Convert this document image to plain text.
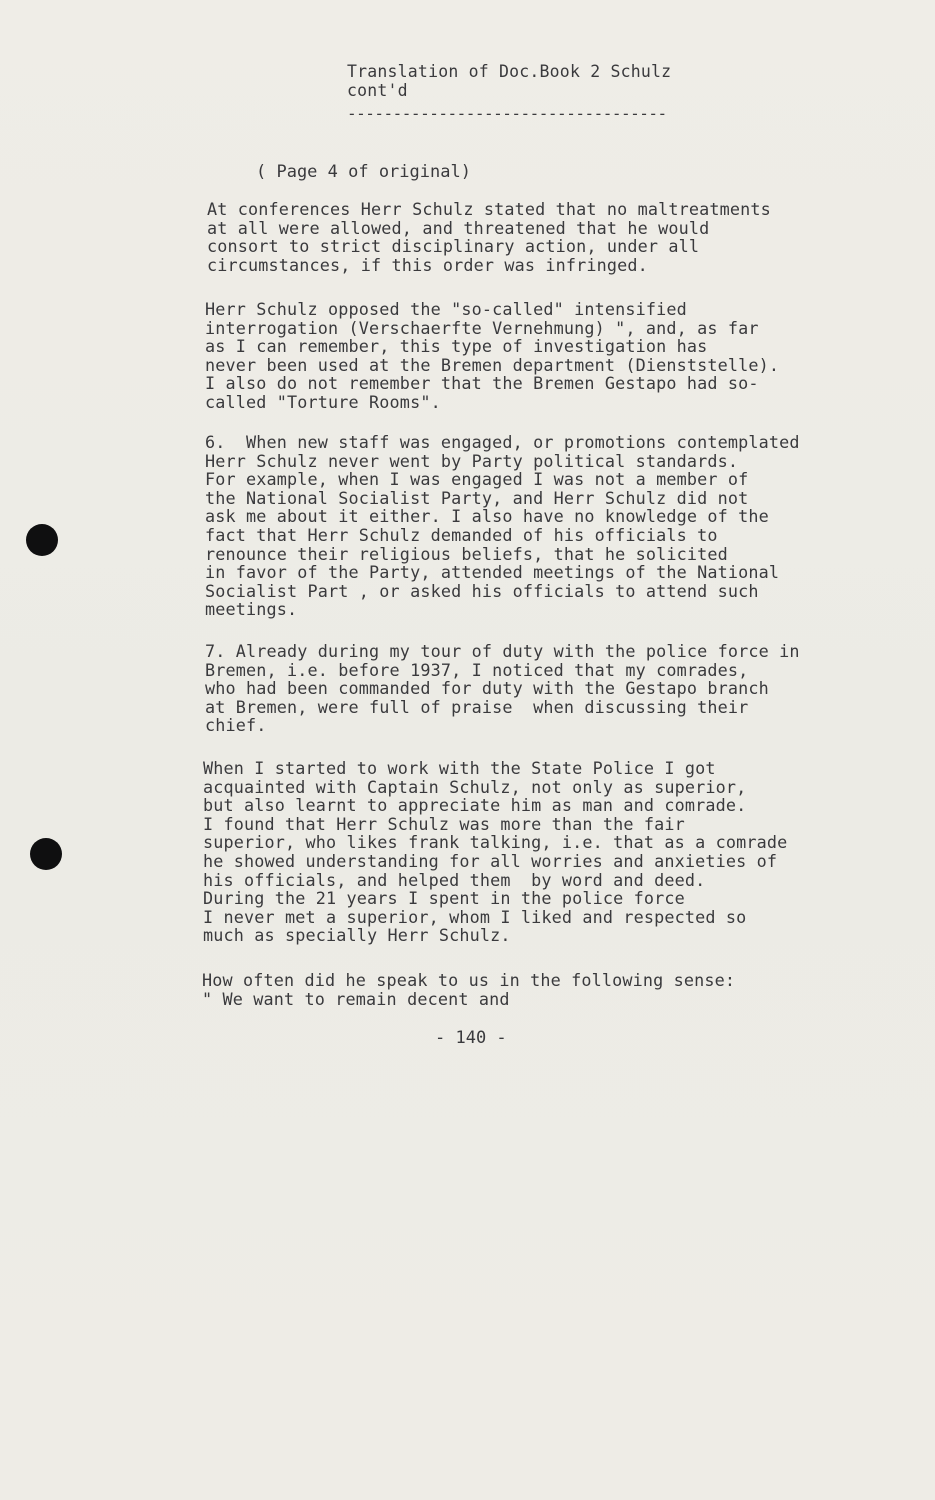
Translation of Doc.Book 2 Schulz
cont'd
-----------------------------------
( Page 4 of original)

At conferences Herr Schulz stated that no maltreatments
at all were allowed, and threatened that he would
consort to strict disciplinary action, under all
circumstances, if this order was infringed.

Herr Schulz opposed the "so-called" intensified
interrogation (Verschaerfte Vernehmung) ", and, as far
as I can remember, this type of investigation has
never been used at the Bremen department (Dienststelle).
I also do not remember that the Bremen Gestapo had so-
called "Torture Rooms".

6.  When new staff was engaged, or promotions contemplated
Herr Schulz never went by Party political standards.
For example, when I was engaged I was not a member of
the National Socialist Party, and Herr Schulz did not
ask me about it either. I also have no knowledge of the
fact that Herr Schulz demanded of his officials to
renounce their religious beliefs, that he solicited
in favor of the Party, attended meetings of the National
Socialist Part , or asked his officials to attend such
meetings.

7. Already during my tour of duty with the police force in
Bremen, i.e. before 1937, I noticed that my comrades,
who had been commanded for duty with the Gestapo branch
at Bremen, were full of praise  when discussing their
chief.

When I started to work with the State Police I got
acquainted with Captain Schulz, not only as superior,
but also learnt to appreciate him as man and comrade.
I found that Herr Schulz was more than the fair
superior, who likes frank talking, i.e. that as a comrade
he showed understanding for all worries and anxieties of
his officials, and helped them  by word and deed.
During the 21 years I spent in the police force
I never met a superior, whom I liked and respected so
much as specially Herr Schulz.

How often did he speak to us in the following sense:
" We want to remain decent and

- 140 -
